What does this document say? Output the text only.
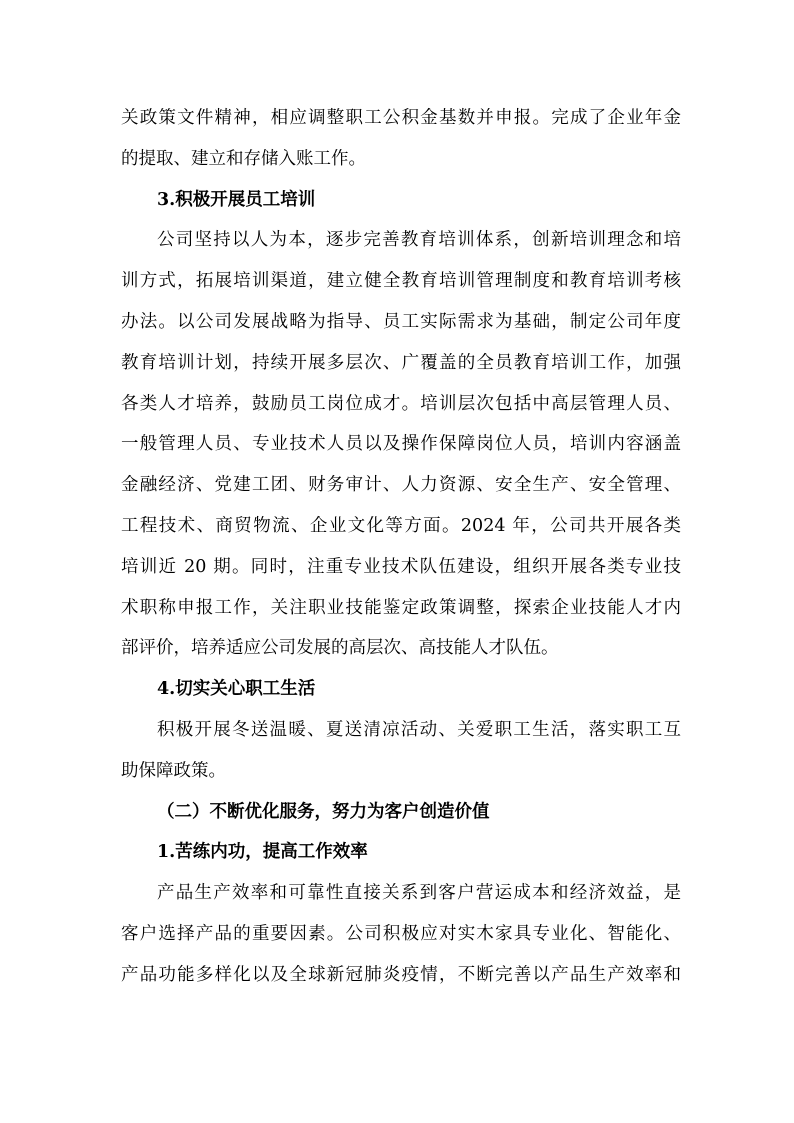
关政策文件精神，相应调整职工公积金基数并申报。完成了企业年金
的提取、建立和存储入账工作。
3.积极开展员工培训
公司坚持以人为本，逐步完善教育培训体系，创新培训理念和培
训方式，拓展培训渠道，建立健全教育培训管理制度和教育培训考核
办法。以公司发展战略为指导、员工实际需求为基础，制定公司年度
教育培训计划，持续开展多层次、广覆盖的全员教育培训工作，加强
各类人才培养，鼓励员工岗位成才。培训层次包括中高层管理人员、
一般管理人员、专业技术人员以及操作保障岗位人员，培训内容涵盖
金融经济、党建工团、财务审计、人力资源、安全生产、安全管理、
工程技术、商贸物流、企业文化等方面。2024 年，公司共开展各类
培训近 20 期。同时，注重专业技术队伍建设，组织开展各类专业技
术职称申报工作，关注职业技能鉴定政策调整，探索企业技能人才内
部评价，培养适应公司发展的高层次、高技能人才队伍。
4.切实关心职工生活
积极开展冬送温暖、夏送清凉活动、关爱职工生活，落实职工互
助保障政策。
（二）不断优化服务，努力为客户创造价值
1.苦练内功，提高工作效率
产品生产效率和可靠性直接关系到客户营运成本和经济效益，是
客户选择产品的重要因素。公司积极应对实木家具专业化、智能化、
产品功能多样化以及全球新冠肺炎疫情，不断完善以产品生产效率和
